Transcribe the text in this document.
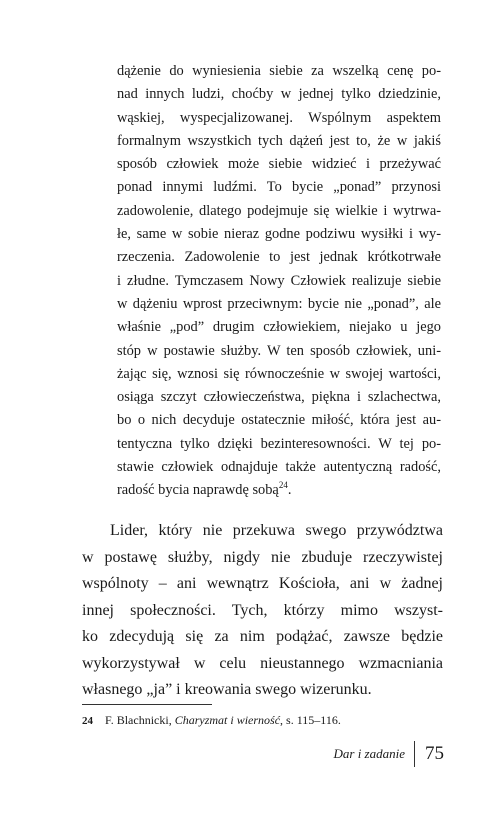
dążenie do wyniesienia siebie za wszelką cenę po-
nad innych ludzi, choćby w jednej tylko dziedzinie,
wąskiej, wyspecjalizowanej. Wspólnym aspektem
formalnym wszystkich tych dążeń jest to, że w jakiś
sposób człowiek może siebie widzieć i przeżywać
ponad innymi ludźmi. To bycie „ponad” przynosi
zadowolenie, dlatego podejmuje się wielkie i wytrwa-
łe, same w sobie nieraz godne podziwu wysiłki i wy-
rzeczenia. Zadowolenie to jest jednak krótkotrwałe
i złudne. Tymczasem Nowy Człowiek realizuje siebie
w dążeniu wprost przeciwnym: bycie nie „ponad”, ale
właśnie „pod” drugim człowiekiem, niejako u jego
stóp w postawie służby. W ten sposób człowiek, uni-
żając się, wznosi się równocześnie w swojej wartości,
osiąga szczyt człowieczeństwa, piękna i szlachectwa,
bo o nich decyduje ostatecznie miłość, która jest au-
tentyczna tylko dzięki bezinteresowności. W tej po-
stawie człowiek odnajduje także autentyczną radość,
radość bycia naprawdę sobą$^{24}$.
Lider, który nie przekuwa swego przywództwa
w postawę służby, nigdy nie zbuduje rzeczywistej
wspólnoty – ani wewnątrz Kościoła, ani w żadnej
innej społeczności. Tych, którzy mimo wszyst-
ko zdecydują się za nim podążać, zawsze będzie
wykorzystywał w celu nieustannego wzmacniania
własnego „ja” i kreowania swego wizerunku.
24 F. Blachnicki, Charyzmat i wierność, s. 115–116.
Dar i zadanie 75
